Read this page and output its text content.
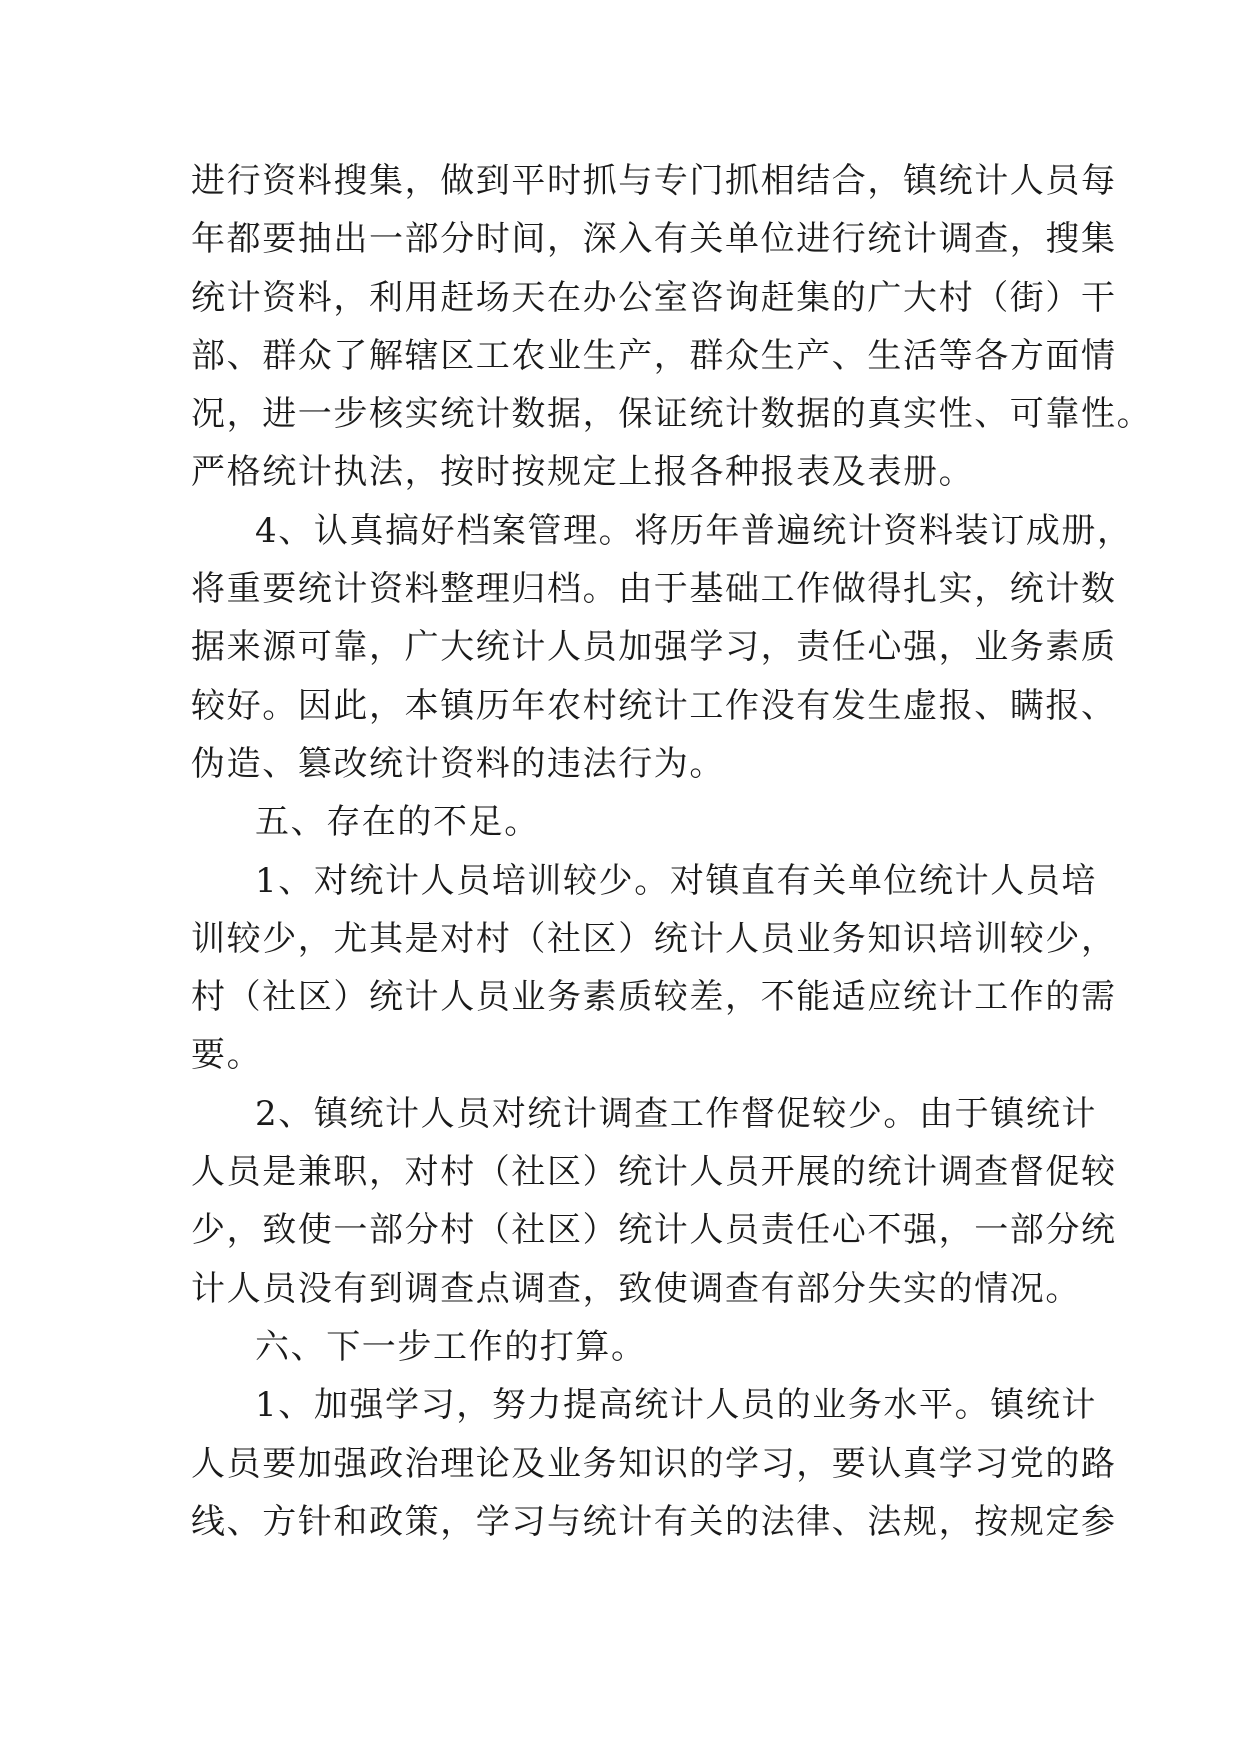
进行资料搜集，做到平时抓与专门抓相结合，镇统计人员每
年都要抽出一部分时间，深入有关单位进行统计调查，搜集
统计资料，利用赶场天在办公室咨询赶集的广大村（街）干
部、群众了解辖区工农业生产，群众生产、生活等各方面情
况，进一步核实统计数据，保证统计数据的真实性、可靠性。
严格统计执法，按时按规定上报各种报表及表册。
4、认真搞好档案管理。将历年普遍统计资料装订成册，
将重要统计资料整理归档。由于基础工作做得扎实，统计数
据来源可靠，广大统计人员加强学习，责任心强，业务素质
较好。因此，本镇历年农村统计工作没有发生虚报、瞒报、
伪造、篡改统计资料的违法行为。
五、存在的不足。
1、对统计人员培训较少。对镇直有关单位统计人员培
训较少，尤其是对村（社区）统计人员业务知识培训较少，
村（社区）统计人员业务素质较差，不能适应统计工作的需
要。
2、镇统计人员对统计调查工作督促较少。由于镇统计
人员是兼职，对村（社区）统计人员开展的统计调查督促较
少，致使一部分村（社区）统计人员责任心不强，一部分统
计人员没有到调查点调查，致使调查有部分失实的情况。
六、下一步工作的打算。
1、加强学习，努力提高统计人员的业务水平。镇统计
人员要加强政治理论及业务知识的学习，要认真学习党的路
线、方针和政策，学习与统计有关的法律、法规，按规定参
